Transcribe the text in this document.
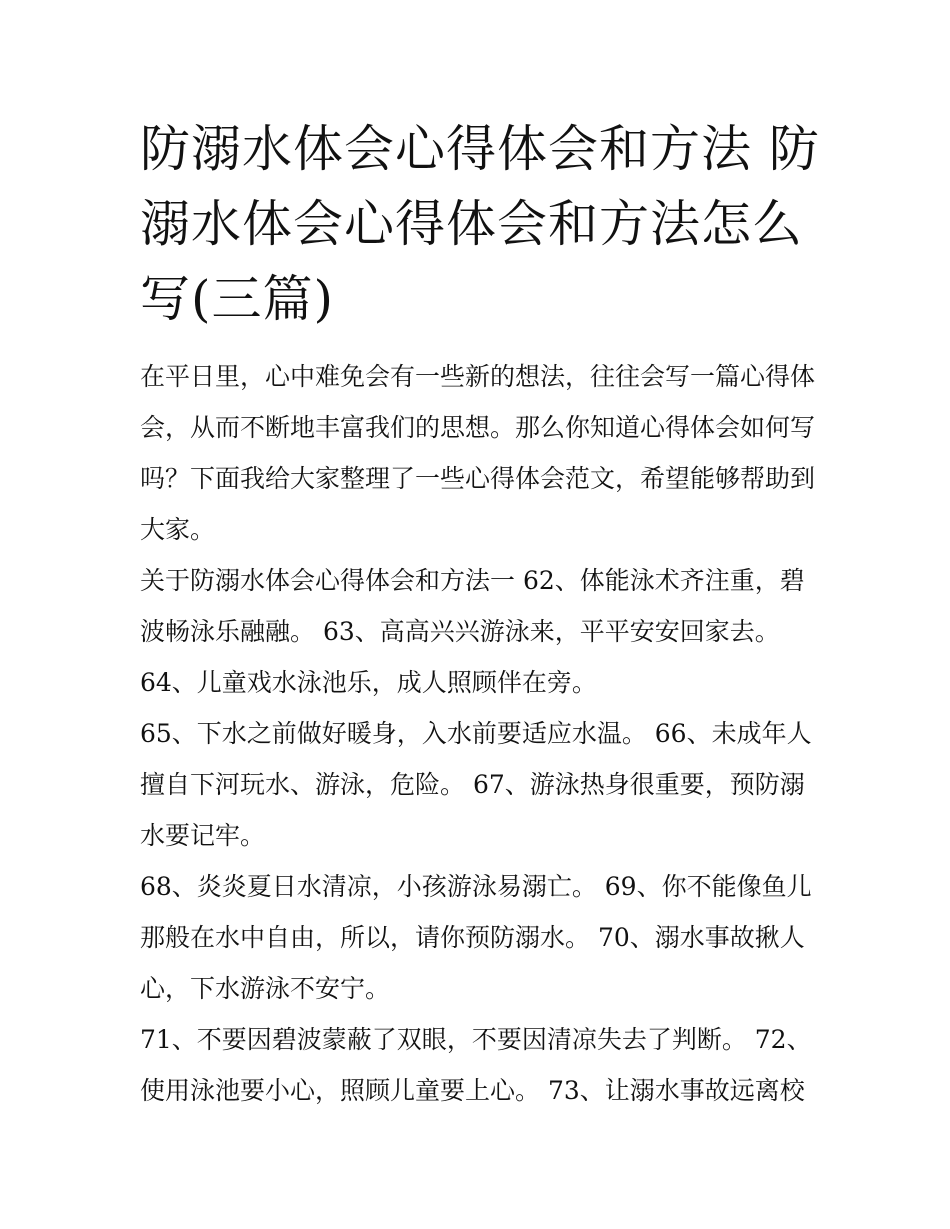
防溺水体会心得体会和方法 防溺水体会心得体会和方法怎么写(三篇)

在平日里，心中难免会有一些新的想法，往往会写一篇心得体会，从而不断地丰富我们的思想。那么你知道心得体会如何写吗？下面我给大家整理了一些心得体会范文，希望能够帮助到大家。

关于防溺水体会心得体会和方法一 62、体能泳术齐注重，碧波畅泳乐融融。 63、高高兴兴游泳来，平平安安回家去。

64、儿童戏水泳池乐，成人照顾伴在旁。

65、下水之前做好暖身，入水前要适应水温。 66、未成年人擅自下河玩水、游泳，危险。 67、游泳热身很重要，预防溺水要记牢。

68、炎炎夏日水清凉，小孩游泳易溺亡。 69、你不能像鱼儿那般在水中自由，所以，请你预防溺水。 70、溺水事故揪人心，下水游泳不安宁。

71、不要因碧波蒙蔽了双眼，不要因清凉失去了判断。 72、使用泳池要小心，照顾儿童要上心。 73、让溺水事故远离校
